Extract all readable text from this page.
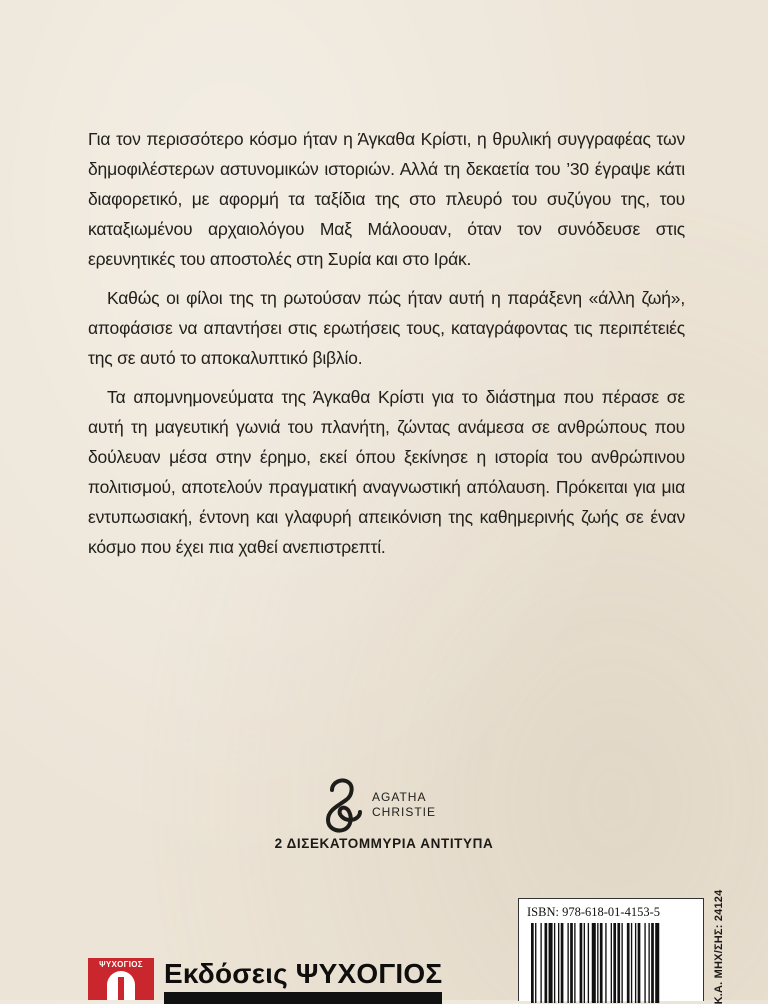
Για τον περισσότερο κόσμο ήταν η Άγκαθα Κρίστι, η θρυλική συγγραφέας των δημοφιλέστερων αστυνομικών ιστοριών. Αλλά τη δεκαετία του ’30 έγραψε κάτι διαφορετικό, με αφορμή τα ταξίδια της στο πλευρό του συζύγου της, του καταξιωμένου αρχαιολόγου Μαξ Μάλοουαν, όταν τον συνόδευσε στις ερευνητικές του αποστολές στη Συρία και στο Ιράκ.

Καθώς οι φίλοι της τη ρωτούσαν πώς ήταν αυτή η παράξενη «άλλη ζωή», αποφάσισε να απαντήσει στις ερωτήσεις τους, καταγράφοντας τις περιπέτειές της σε αυτό το αποκαλυπτικό βιβλίο.

Τα απομνημονεύματα της Άγκαθα Κρίστι για το διάστημα που πέρασε σε αυτή τη μαγευτική γωνιά του πλανήτη, ζώντας ανάμεσα σε ανθρώπους που δούλευαν μέσα στην έρημο, εκεί όπου ξεκίνησε η ιστορία του ανθρώπινου πολιτισμού, αποτελούν πραγματική αναγνωστική απόλαυση. Πρόκειται για μια εντυπωσιακή, έντονη και γλαφυρή απεικόνιση της καθημερινής ζωής σε έναν κόσμο που έχει πια χαθεί ανεπιστρεπτί.

AGATHA
CHRISTIE
2 ΔΙΣΕΚΑΤΟΜΜΥΡΙΑ ΑΝΤΙΤΥΠΑ
ΨΥΧΟΓΙΟΣ Εκδόσεις ΨΥΧΟΓΙΟΣ
ISBN: 978-618-01-4153-5	Κ.Α. ΜΗΧ/ΣΗΣ: 24124
